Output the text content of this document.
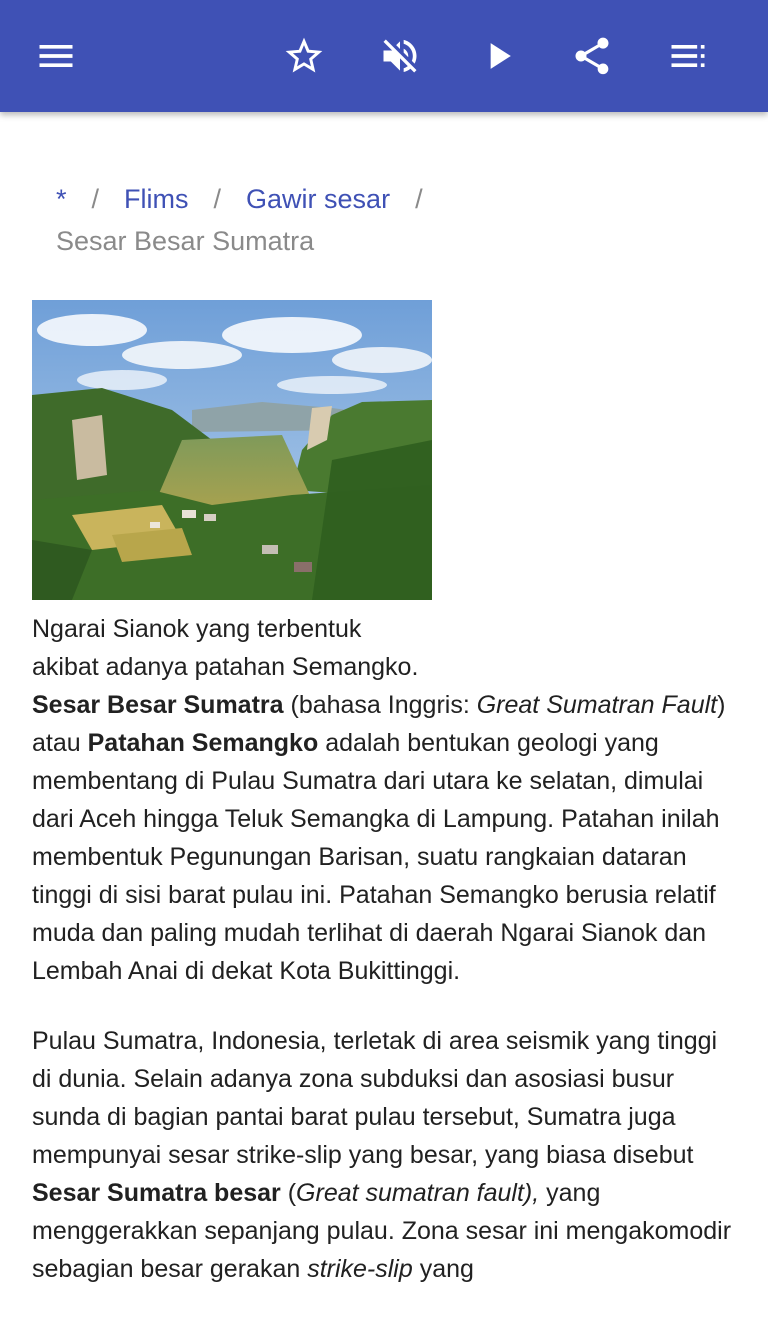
* / Flims / Gawir sesar /
Sesar Besar Sumatra
Ngarai Sianok yang terbentuk
akibat adanya patahan Semangko.

Sesar Besar Sumatra (bahasa Inggris: Great Sumatran Fault) atau Patahan Semangko adalah bentukan geologi yang membentang di Pulau Sumatra dari utara ke selatan, dimulai dari Aceh hingga Teluk Semangka di Lampung. Patahan inilah membentuk Pegunungan Barisan, suatu rangkaian dataran tinggi di sisi barat pulau ini. Patahan Semangko berusia relatif muda dan paling mudah terlihat di daerah Ngarai Sianok dan Lembah Anai di dekat Kota Bukittinggi.

Pulau Sumatra, Indonesia, terletak di area seismik yang tinggi di dunia. Selain adanya zona subduksi dan asosiasi busur sunda di bagian pantai barat pulau tersebut, Sumatra juga mempunyai sesar strike-slip yang besar, yang biasa disebut Sesar Sumatra besar (Great sumatran fault), yang menggerakkan sepanjang pulau. Zona sesar ini mengakomodir sebagian besar gerakan strike-slip yang
